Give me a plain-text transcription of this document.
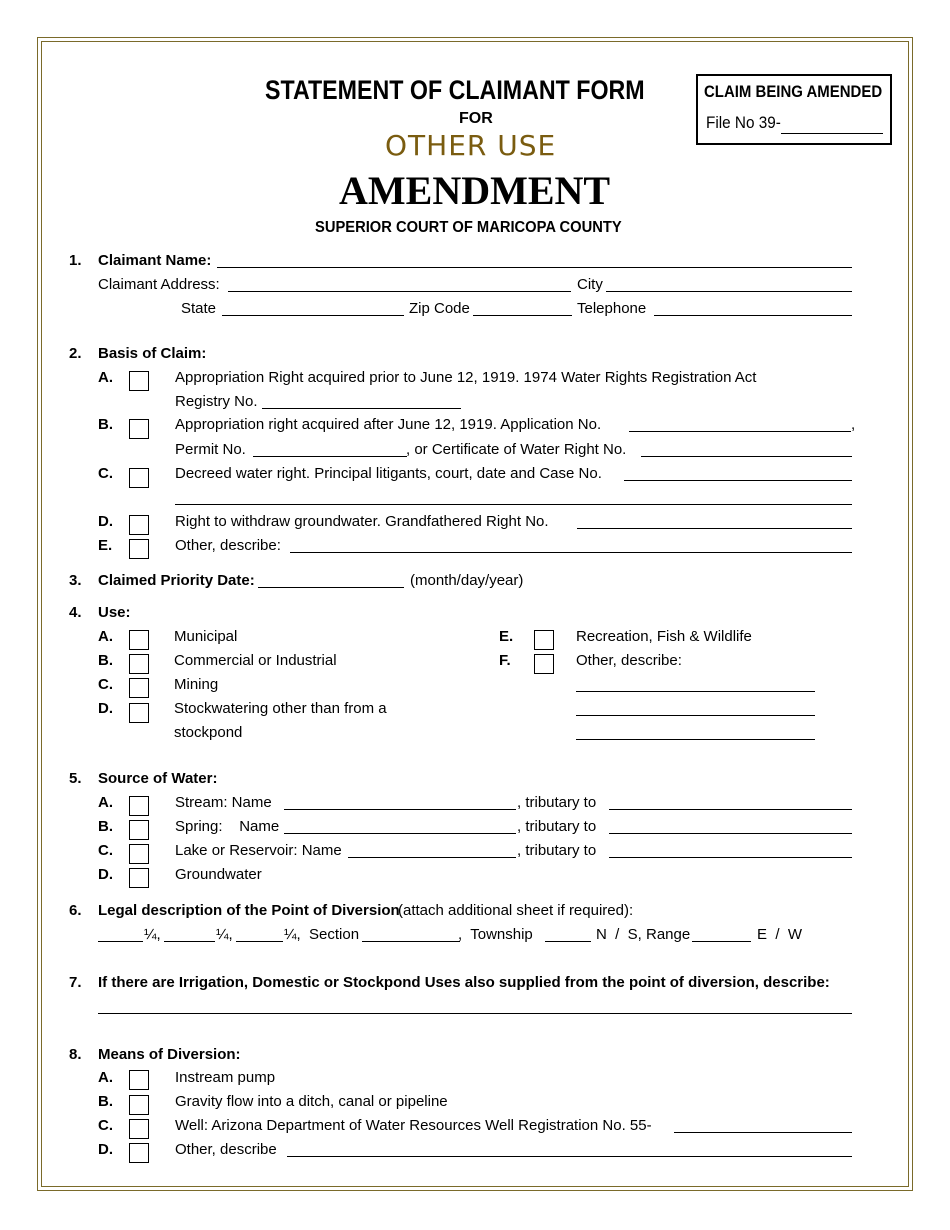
STATEMENT OF CLAIMANT FORM
FOR
OTHER USE
AMENDMENT
SUPERIOR COURT OF MARICOPA COUNTY
CLAIM BEING AMENDED
File No 39-
1. Claimant Name:
Claimant Address:	City
State	Zip Code	Telephone
2. Basis of Claim:
A.	Appropriation Right acquired prior to June 12, 1919. 1974 Water Rights Registration Act
Registry No.
B.	Appropriation right acquired after June 12, 1919. Application No.	,
Permit No.	, or Certificate of Water Right No.
C.	Decreed water right. Principal litigants, court, date and Case No.
D.	Right to withdraw groundwater. Grandfathered Right No.
E.	Other, describe:
3. Claimed Priority Date:	(month/day/year)
4. Use:
A.	Municipal
B.	Commercial or Industrial
C.	Mining
D.	Stockwatering other than from a
stockpond
E.	Recreation, Fish & Wildlife
F.	Other, describe:
5. Source of Water:
A.	Stream: Name	, tributary to
B.	Spring:    Name	, tributary to
C.	Lake or Reservoir: Name	, tributary to
D.	Groundwater
6. Legal description of the Point of Diversion
(attach additional sheet if required):
¼,	¼,	¼,  Section	,  Township	N  /  S, Range	E  /  W
7. If there are Irrigation, Domestic or Stockpond Uses also supplied from the point of diversion, describe:
8. Means of Diversion:
A.	Instream pump
B.	Gravity flow into a ditch, canal or pipeline
C.	Well: Arizona Department of Water Resources Well Registration No. 55-
D.	Other, describe
